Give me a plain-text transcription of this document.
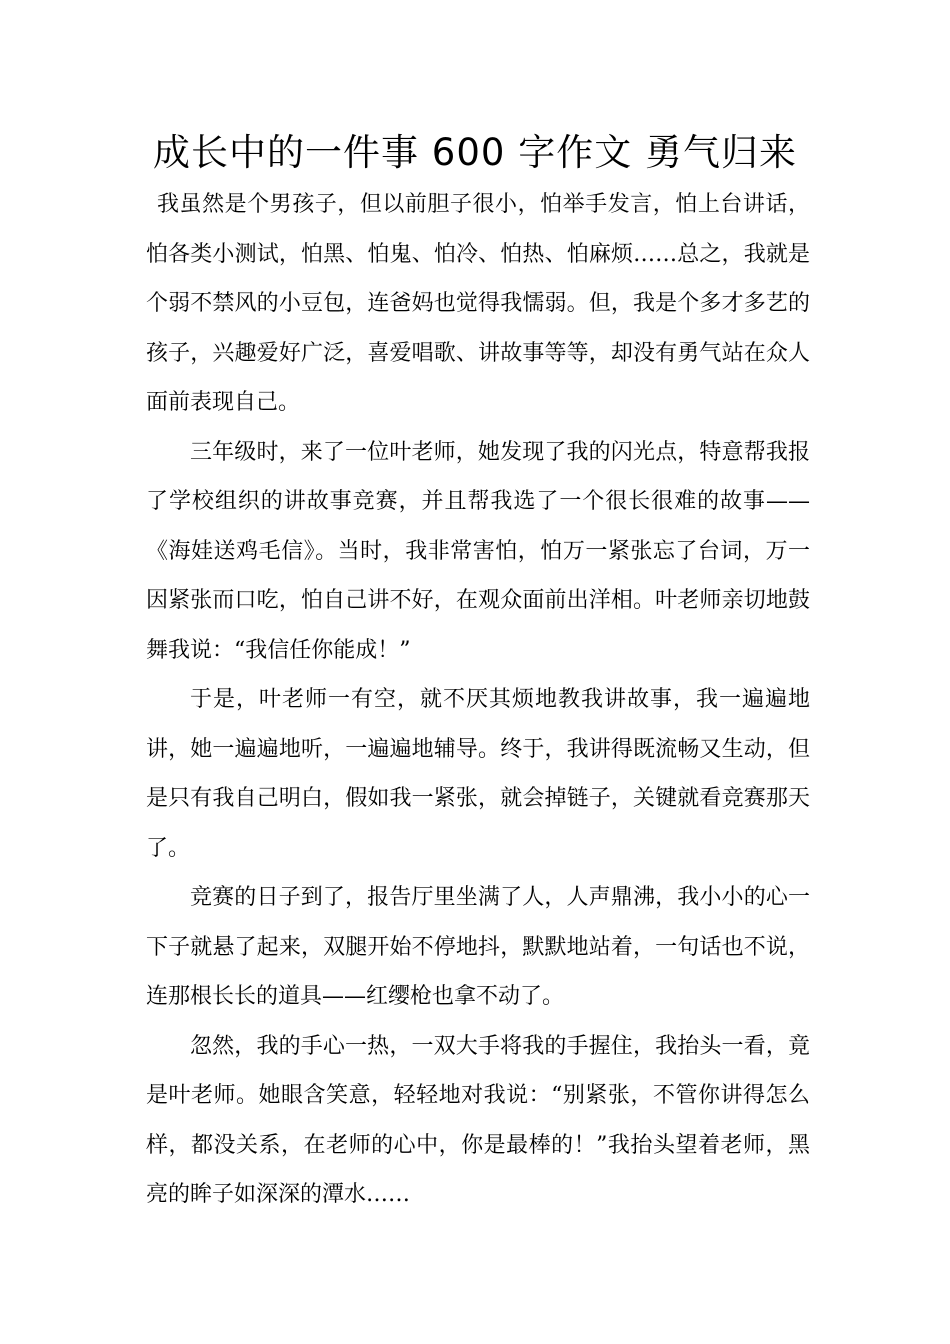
成长中的一件事 600 字作文 勇气归来

我虽然是个男孩子，但以前胆子很小，怕举手发言，怕上台讲话，怕各类小测试，怕黑、怕鬼、怕冷、怕热、怕麻烦……总之，我就是个弱不禁风的小豆包，连爸妈也觉得我懦弱。但，我是个多才多艺的孩子，兴趣爱好广泛，喜爱唱歌、讲故事等等，却没有勇气站在众人面前表现自己。

三年级时，来了一位叶老师，她发现了我的闪光点，特意帮我报了学校组织的讲故事竞赛，并且帮我选了一个很长很难的故事——《海娃送鸡毛信》。当时，我非常害怕，怕万一紧张忘了台词，万一因紧张而口吃，怕自己讲不好，在观众面前出洋相。叶老师亲切地鼓舞我说：“我信任你能成！”

于是，叶老师一有空，就不厌其烦地教我讲故事，我一遍遍地讲，她一遍遍地听，一遍遍地辅导。终于，我讲得既流畅又生动，但是只有我自己明白，假如我一紧张，就会掉链子，关键就看竞赛那天了。

竞赛的日子到了，报告厅里坐满了人，人声鼎沸，我小小的心一下子就悬了起来，双腿开始不停地抖，默默地站着，一句话也不说，连那根长长的道具——红缨枪也拿不动了。

忽然，我的手心一热，一双大手将我的手握住，我抬头一看，竟是叶老师。她眼含笑意，轻轻地对我说：“别紧张，不管你讲得怎么样，都没关系，在老师的心中，你是最棒的！”我抬头望着老师，黑亮的眸子如深深的潭水……
